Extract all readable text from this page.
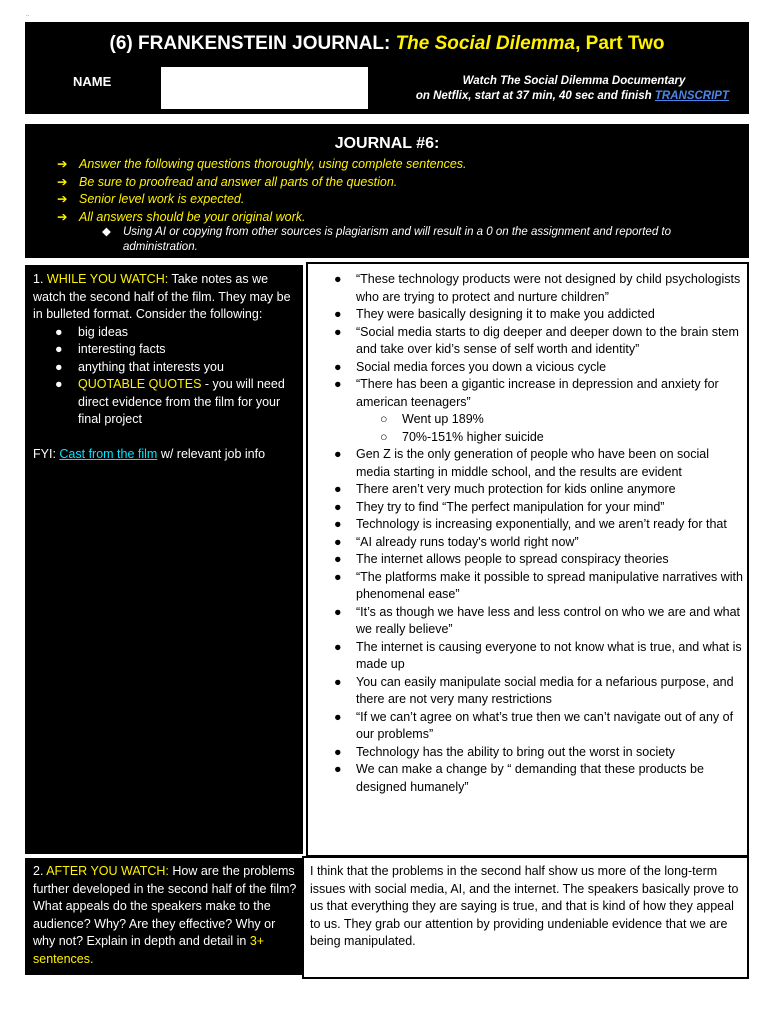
..
(6) FRANKENSTEIN JOURNAL: The Social Dilemma, Part Two
NAME	Watch The Social Dilemma Documentary
on Netflix, start at 37 min, 40 sec and finish TRANSCRIPT
JOURNAL #6:
➔ Answer the following questions thoroughly, using complete sentences.
➔ Be sure to proofread and answer all parts of the question.
➔ Senior level work is expected.
➔ All answers should be your original work.
◆ Using AI or copying from other sources is plagiarism and will result in a 0 on the assignment and reported to administration.
1. WHILE YOU WATCH: Take notes as we watch the second half of the film. They may be in bulleted format. Consider the following:
● big ideas
● interesting facts
● anything that interests you
● QUOTABLE QUOTES - you will need direct evidence from the film for your final project
FYI: Cast from the film w/ relevant job info
● “These technology products were not designed by child psychologists who are trying to protect and nurture children”
● They were basically designing it to make you addicted
● “Social media starts to dig deeper and deeper down to the brain stem and take over kid’s sense of self worth and identity”
● Social media forces you down a vicious cycle
● “There has been a gigantic increase in depression and anxiety for american teenagers”
○ Went up 189%
○ 70%-151% higher suicide
● Gen Z is the only generation of people who have been on social media starting in middle school, and the results are evident
● There aren’t very much protection for kids online anymore
● They try to find “The perfect manipulation for your mind”
● Technology is increasing exponentially, and we aren’t ready for that
● “AI already runs today's world right now”
● The internet allows people to spread conspiracy theories
● “The platforms make it possible to spread manipulative narratives with phenomenal ease”
● “It’s as though we have less and less control on who we are and what we really believe”
● The internet is causing everyone to not know what is true, and what is made up
● You can easily manipulate social media for a nefarious purpose, and there are not very many restrictions
● “If we can’t agree on what’s true then we can’t navigate out of any of our problems”
● Technology has the ability to bring out the worst in society
● We can make a change by “ demanding that these products be designed humanely”
2. AFTER YOU WATCH: How are the problems further developed in the second half of the film? What appeals do the speakers make to the audience? Why? Are they effective? Why or why not? Explain in depth and detail in 3+ sentences.
I think that the problems in the second half show us more of the long-term issues with social media, AI, and the internet. The speakers basically prove to us that everything they are saying is true, and that is kind of how they appeal to us. They grab our attention by providing undeniable evidence that we are being manipulated.
